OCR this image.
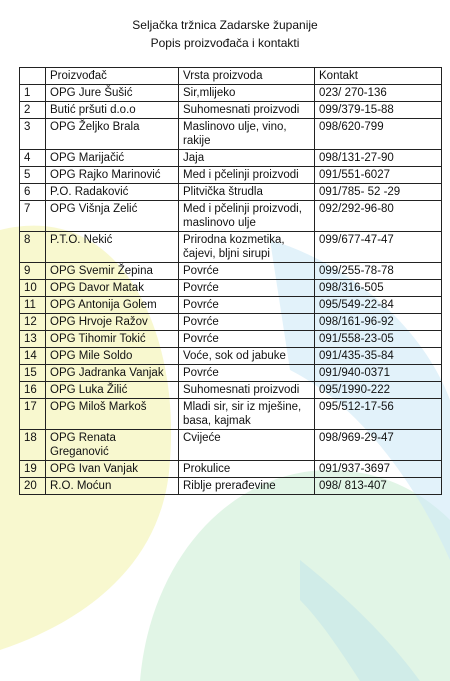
Seljačka tržnica Zadarske županije
Popis proizvođača i kontakti
	Proizvođač	Vrsta proizvoda	Kontakt
1	OPG Jure Šušić	Sir,mlijeko	023/ 270-136
2	Butić pršuti d.o.o	Suhomesnati proizvodi	099/379-15-88
3	OPG Željko Brala	Maslinovo ulje, vino, rakije	098/620-799
4	OPG Marijačić	Jaja	098/131-27-90
5	OPG Rajko Marinović	Med i pčelinji proizvodi	091/551-6027
6	P.O. Radaković	Plitvička štrudla	091/785- 52 -29
7	OPG Višnja Zelić	Med i pčelinji proizvodi, maslinovo ulje	092/292-96-80
8	P.T.O. Nekić	Prirodna kozmetika, čajevi, bljni sirupi	099/677-47-47
9	OPG Svemir Žepina	Povrće	099/255-78-78
10	OPG Davor Matak	Povrće	098/316-505
11	OPG Antonija Golem	Povrće	095/549-22-84
12	OPG Hrvoje Ražov	Povrće	098/161-96-92
13	OPG Tihomir Tokić	Povrće	091/558-23-05
14	OPG Mile Soldo	Voće, sok od jabuke	091/435-35-84
15	OPG Jadranka Vanjak	Povrće	091/940-0371
16	OPG Luka Žilić	Suhomesnati proizvodi	095/1990-222
17	OPG Miloš Markoš	Mladi sir, sir iz mješine, basa, kajmak	095/512-17-56
18	OPG Renata Greganović	Cvijeće	098/969-29-47
19	OPG Ivan Vanjak	Prokulice	091/937-3697
20	R.O. Moćun	Riblje prerađevine	098/ 813-407
